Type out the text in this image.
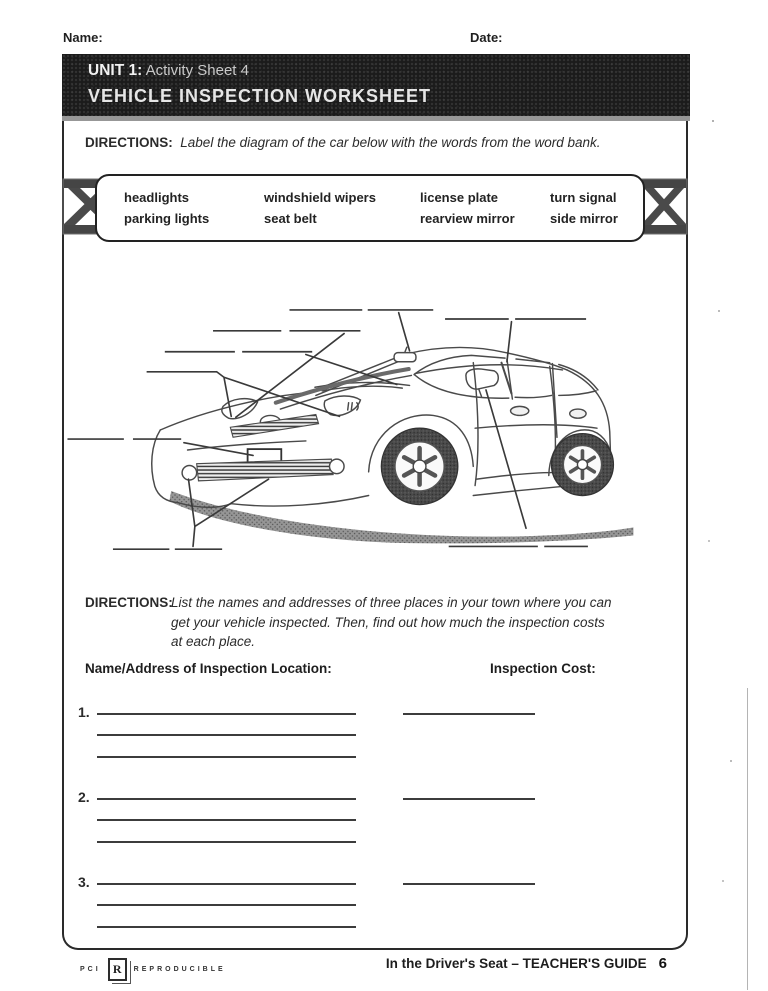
Name:	Date:
UNIT 1: Activity Sheet 4
VEHICLE INSPECTION WORKSHEET
DIRECTIONS: Label the diagram of the car below with the words from the word bank.
headlights	windshield wipers	license plate	turn signal
parking lights	seat belt	rearview mirror	side mirror
DIRECTIONS:
List the names and addresses of three places in your town where you can
get your vehicle inspected. Then, find out how much the inspection costs
at each place.
Name/Address of Inspection Location:	Inspection Cost:
1.
2.
3.
PCI	R	REPRODUCIBLE	In the Driver's Seat – TEACHER'S GUIDE 6
